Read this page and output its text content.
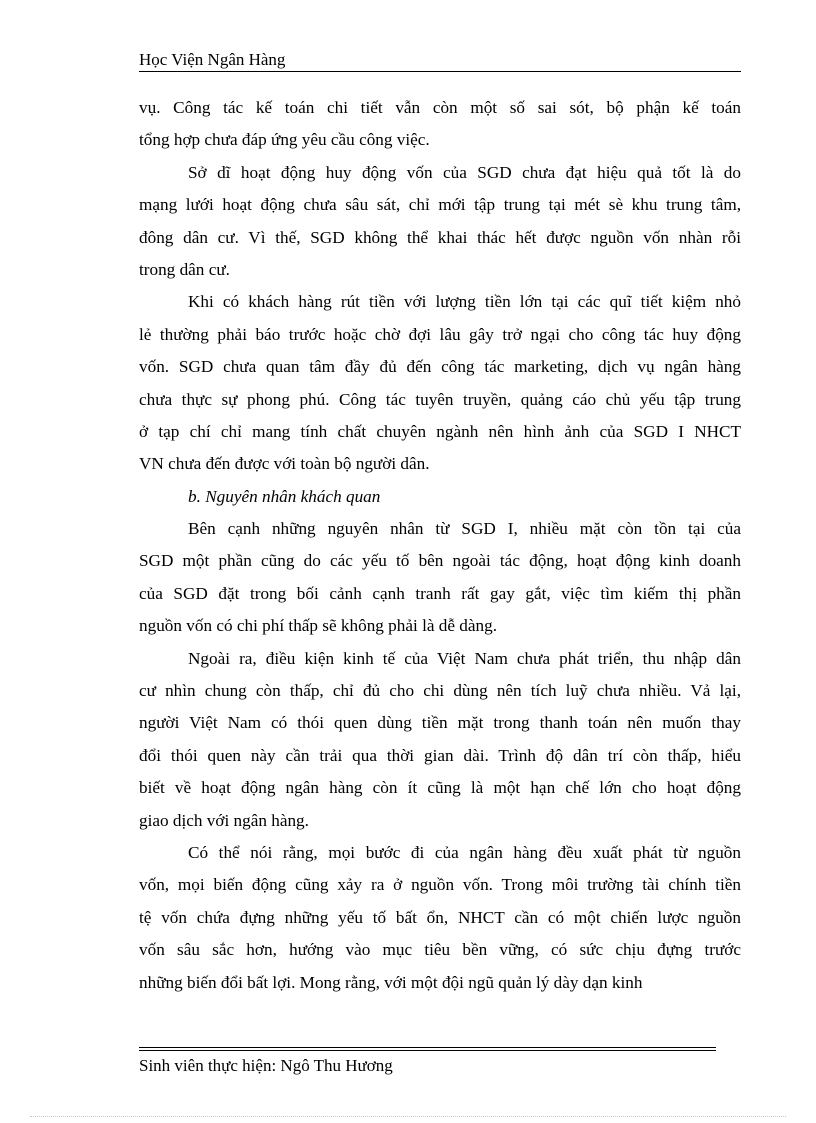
Học Viện Ngân Hàng
vụ. Công tác kế toán chi tiết vẫn còn một số sai sót, bộ phận kế toán
tổng hợp chưa đáp ứng yêu cầu công việc.
Sở dĩ hoạt động huy động vốn của SGD chưa đạt hiệu quả tốt là do
mạng lưới hoạt động chưa sâu sát, chỉ mới tập trung tại mét sè khu trung tâm,
đông dân cư. Vì thế, SGD không thể khai thác hết được nguồn vốn nhàn rỗi
trong dân cư.
Khi có khách hàng rút tiền với lượng tiền lớn tại các quĩ tiết kiệm nhỏ
lẻ thường phải báo trước hoặc chờ đợi lâu gây trở ngại cho công tác huy động
vốn. SGD chưa quan tâm đầy đủ đến công tác marketing, dịch vụ ngân hàng
chưa thực sự phong phú. Công tác tuyên truyền, quảng cáo chủ yếu tập trung
ở tạp chí chỉ mang tính chất chuyên ngành nên hình ảnh của SGD I NHCT
VN chưa đến được với toàn bộ người dân.
b. Nguyên nhân khách quan
Bên cạnh những nguyên nhân từ SGD I, nhiều mặt còn tồn tại của
SGD một phần cũng do các yếu tố bên ngoài tác động, hoạt động kinh doanh
của SGD đặt trong bối cảnh cạnh tranh rất gay gắt, việc tìm kiếm thị phần
nguồn vốn có chi phí thấp sẽ không phải là dễ dàng.
Ngoài ra, điều kiện kinh tế của Việt Nam chưa phát triển, thu nhập dân
cư nhìn chung còn thấp, chỉ đủ cho chi dùng nên tích luỹ chưa nhiều. Vả lại,
người Việt Nam có thói quen dùng tiền mặt trong thanh toán nên muốn thay
đổi thói quen này cần trải qua thời gian dài. Trình độ dân trí còn thấp, hiểu
biết về hoạt động ngân hàng còn ít cũng là một hạn chế lớn cho hoạt động
giao dịch với ngân hàng.
Có thể nói rằng, mọi bước đi của ngân hàng đều xuất phát từ nguồn
vốn, mọi biến động cũng xảy ra ở nguồn vốn. Trong môi trường tài chính tiền
tệ vốn chứa đựng những yếu tố bất ổn, NHCT cần có một chiến lược nguồn
vốn sâu sắc hơn, hướng vào mục tiêu bền vững, có sức chịu đựng trước
những biến đổi bất lợi. Mong rằng, với một đội ngũ quản lý dày dạn kinh
Sinh viên thực hiện: Ngô Thu Hương
